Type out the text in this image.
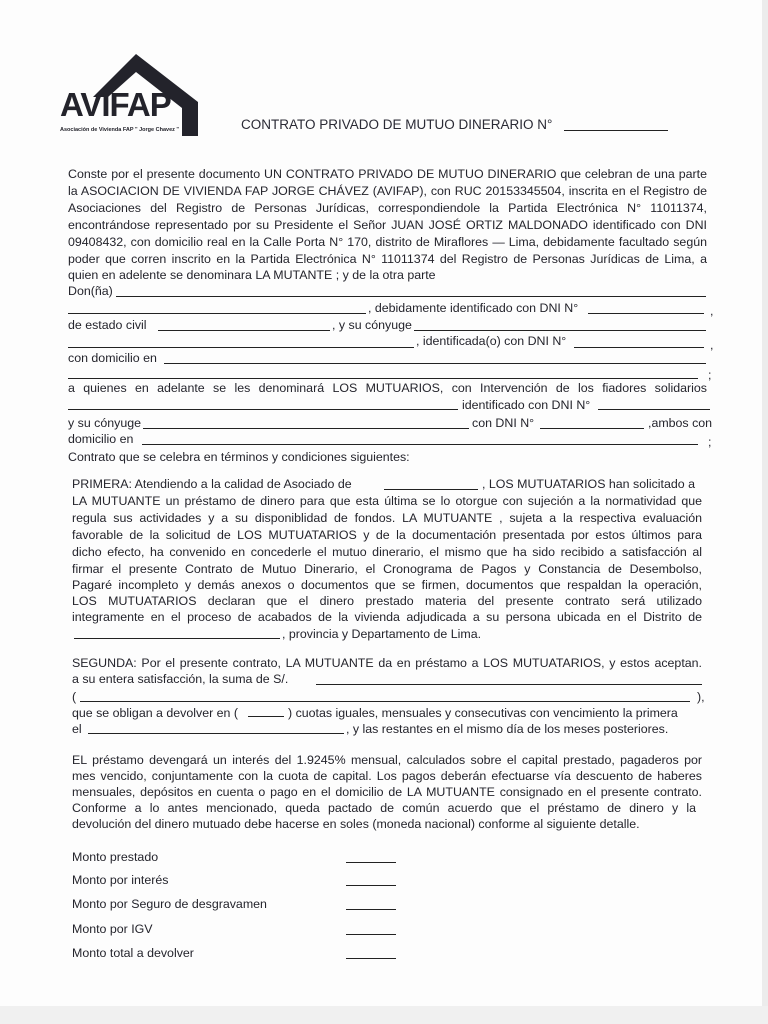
AVIFAP
Asociación de Vivienda FAP " Jorge Chavez "	CONTRATO PRIVADO DE MUTUO DINERARIO N°
Conste por el presente documento UN CONTRATO PRIVADO DE MUTUO DINERARIO que celebran de una parte
la ASOCIACION DE VIVIENDA FAP JORGE CHÁVEZ (AVIFAP), con RUC 20153345504, inscrita en el Registro de
Asociaciones del Registro de Personas Jurídicas, correspondiendole la Partida Electrónica N° 11011374,
encontrándose representado por su Presidente el Señor JUAN JOSÉ ORTIZ MALDONADO identificado con DNI
09408432, con domicilio real en la Calle Porta N° 170, distrito de Miraflores — Lima, debidamente facultado según
poder que corren inscrito en la Partida Electrónica N° 11011374 del Registro de Personas Jurídicas de Lima, a
quien en adelente se denominara LA MUTANTE ; y de la otra parte
Don(ña)
, debidamente identificado con DNI N°	,
de estado civil	, y su cónyuge
, identificada(o) con DNI N°	,
con domicilio en
;
a quienes en adelante se les denominará LOS MUTUARIOS, con Intervención de los fiadores solidarios
identificado con DNI N°
y su cónyuge	con DNI N°	,ambos con
domicilio en	;
Contrato que se celebra en términos y condiciones siguientes:
PRIMERA: Atendiendo a la calidad de Asociado de	, LOS MUTUATARIOS han solicitado a
LA MUTUANTE un préstamo de dinero para que esta última se lo otorgue con sujeción a la normatividad que
regula sus actividades y a su disponiblidad de fondos. LA MUTUANTE , sujeta a la respectiva evaluación
favorable de la solicitud de LOS MUTUATARIOS y de la documentación presentada por estos últimos para
dicho efecto, ha convenido en concederle el mutuo dinerario, el mismo que ha sido recibido a satisfacción al
firmar el presente Contrato de Mutuo Dinerario, el Cronograma de Pagos y Constancia de Desembolso,
Pagaré incompleto y demás anexos o documentos que se firmen, documentos que respaldan la operación,
LOS MUTUATARIOS declaran que el dinero prestado materia del presente contrato será utilizado
integramente en el proceso de acabados de la vivienda adjudicada a su persona ubicada en el Distrito de
, provincia y Departamento de Lima.
SEGUNDA: Por el presente contrato, LA MUTUANTE da en préstamo a LOS MUTUATARIOS, y estos aceptan.
a su entera satisfacción, la suma de S/.
(	),
que se obligan a devolver en (	) cuotas iguales, mensuales y consecutivas con vencimiento la primera
el	, y las restantes en el mismo día de los meses posteriores.
EL préstamo devengará un interés del 1.9245% mensual, calculados sobre el capital prestado, pagaderos por
mes vencido, conjuntamente con la cuota de capital. Los pagos deberán efectuarse vía descuento de haberes
mensuales, depósitos en cuenta o pago en el domicilio de LA MUTUANTE consignado en el presente contrato.
Conforme a lo antes mencionado, queda pactado de común acuerdo que el préstamo de dinero y la
devolución del dinero mutuado debe hacerse en soles (moneda nacional) conforme al siguiente detalle.
Monto prestado
Monto por interés
Monto por Seguro de desgravamen
Monto por IGV
Monto total a devolver
